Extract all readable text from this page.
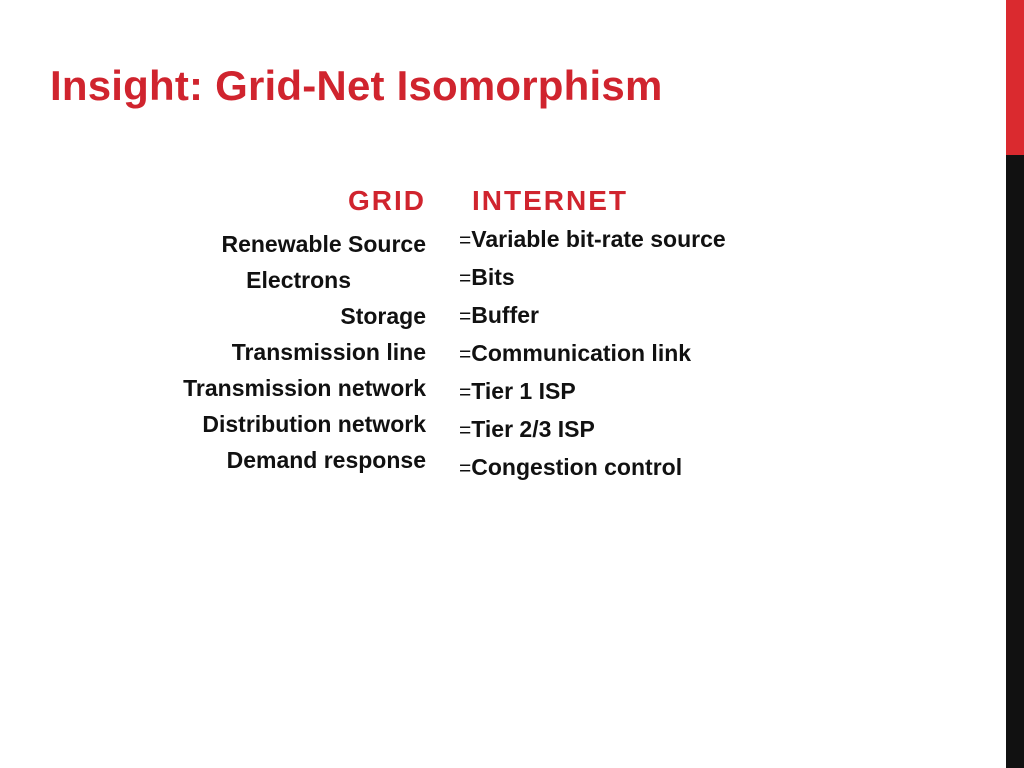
Insight: Grid-Net Isomorphism
GRID INTERNET
Renewable Source
Electrons
Storage
Transmission line
Transmission network
Distribution network
Demand response
=Variable bit-rate source
=Bits
=Buffer
=Communication link
=Tier 1 ISP
=Tier 2/3 ISP
=Congestion control
